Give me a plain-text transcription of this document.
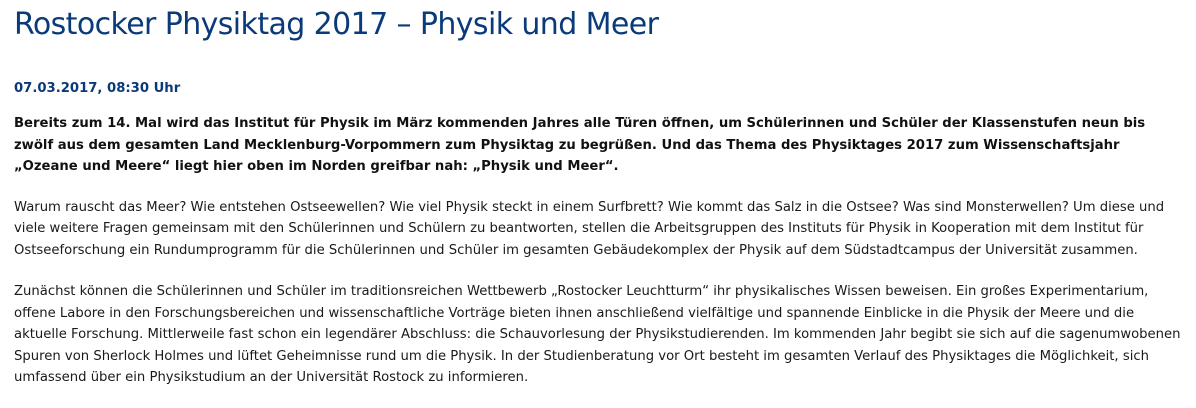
Rostocker Physiktag 2017 – Physik und Meer
07.03.2017, 08:30 Uhr

Bereits zum 14. Mal wird das Institut für Physik im März kommenden Jahres alle Türen öffnen, um Schülerinnen und Schüler der Klassenstufen neun bis zwölf aus dem gesamten Land Mecklenburg-Vorpommern zum Physiktag zu begrüßen. Und das Thema des Physiktages 2017 zum Wissenschaftsjahr „Ozeane und Meere“ liegt hier oben im Norden greifbar nah: „Physik und Meer“.

Warum rauscht das Meer? Wie entstehen Ostseewellen? Wie viel Physik steckt in einem Surfbrett? Wie kommt das Salz in die Ostsee? Was sind Monsterwellen? Um diese und viele weitere Fragen gemeinsam mit den Schülerinnen und Schülern zu beantworten, stellen die Arbeitsgruppen des Instituts für Physik in Kooperation mit dem Institut für Ostseeforschung ein Rundumprogramm für die Schülerinnen und Schüler im gesamten Gebäudekomplex der Physik auf dem Südstadtcampus der Universität zusammen.

Zunächst können die Schülerinnen und Schüler im traditionsreichen Wettbewerb „Rostocker Leuchtturm“ ihr physikalisches Wissen beweisen. Ein großes Experimentarium, offene Labore in den Forschungsbereichen und wissenschaftliche Vorträge bieten ihnen anschließend vielfältige und spannende Einblicke in die Physik der Meere und die aktuelle Forschung. Mittlerweile fast schon ein legendärer Abschluss: die Schauvorlesung der Physikstudierenden. Im kommenden Jahr begibt sie sich auf die sagenumwobenen Spuren von Sherlock Holmes und lüftet Geheimnisse rund um die Physik. In der Studienberatung vor Ort besteht im gesamten Verlauf des Physiktages die Möglichkeit, sich umfassend über ein Physikstudium an der Universität Rostock zu informieren.
